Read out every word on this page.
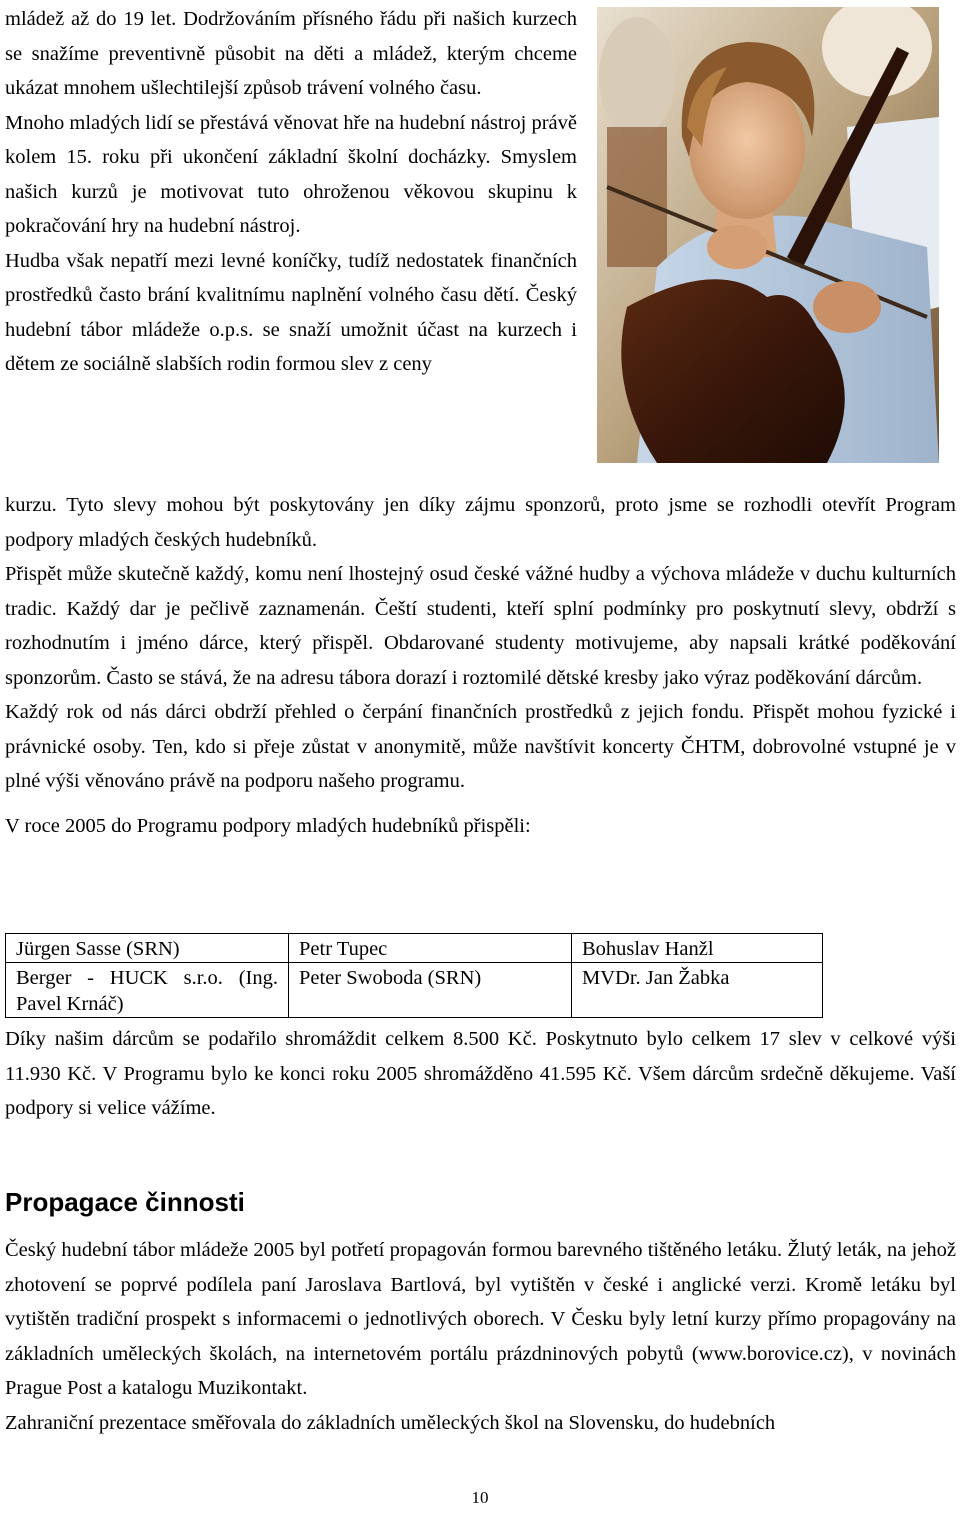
mládež až do 19 let. Dodržováním přísného řádu při našich kurzech se snažíme preventivně působit na děti a mládež, kterým chceme ukázat mnohem ušlechtilejší způsob trávení volného času.

Mnoho mladých lidí se přestává věnovat hře na hudební nástroj právě kolem 15. roku při ukončení základní školní docházky. Smyslem našich kurzů je motivovat tuto ohroženou věkovou skupinu k pokračování hry na hudební nástroj.

Hudba však nepatří mezi levné koníčky, tudíž nedostatek finančních prostředků často brání kvalitnímu naplnění volného času dětí. Český hudební tábor mládeže o.p.s. se snaží umožnit účast na kurzech i dětem ze sociálně slabších rodin formou slev z ceny

kurzu. Tyto slevy mohou být poskytovány jen díky zájmu sponzorů, proto jsme se rozhodli otevřít Program podpory mladých českých hudebníků.

Přispět může skutečně každý, komu není lhostejný osud české vážné hudby a výchova mládeže v duchu kulturních tradic. Každý dar je pečlivě zaznamenán. Čeští studenti, kteří splní podmínky pro poskytnutí slevy, obdrží s rozhodnutím i jméno dárce, který přispěl. Obdarované studenty motivujeme, aby napsali krátké poděkování sponzorům. Často se stává, že na adresu tábora dorazí i roztomilé dětské kresby jako výraz poděkování dárcům.

Každý rok od nás dárci obdrží přehled o čerpání finančních prostředků z jejich fondu. Přispět mohou fyzické i právnické osoby. Ten, kdo si přeje zůstat v anonymitě, může navštívit koncerty ČHTM, dobrovolné vstupné je v plné výši věnováno právě na podporu našeho programu.

V roce 2005 do Programu podpory mladých hudebníků přispěli:

Jürgen Sasse (SRN)	Petr Tupec	Bohuslav Hanžl
Berger - HUCK s.r.o. (Ing. Pavel Krnáč)	Peter Swoboda (SRN)	MVDr. Jan Žabka

Díky našim dárcům se podařilo shromáždit celkem 8.500 Kč. Poskytnuto bylo celkem 17 slev v celkové výši 11.930 Kč. V Programu bylo ke konci roku 2005 shromážděno 41.595 Kč. Všem dárcům srdečně děkujeme. Vaší podpory si velice vážíme.

Propagace činnosti

Český hudební tábor mládeže 2005 byl potřetí propagován formou barevného tištěného letáku. Žlutý leták, na jehož zhotovení se poprvé podílela paní Jaroslava Bartlová, byl vytištěn v české i anglické verzi. Kromě letáku byl vytištěn tradiční prospekt s informacemi o jednotlivých oborech. V Česku byly letní kurzy přímo propagovány na základních uměleckých školách, na internetovém portálu prázdninových pobytů (www.borovice.cz), v novinách Prague Post a katalogu Muzikontakt.

Zahraniční prezentace směřovala do základních uměleckých škol na Slovensku, do hudebních

10
